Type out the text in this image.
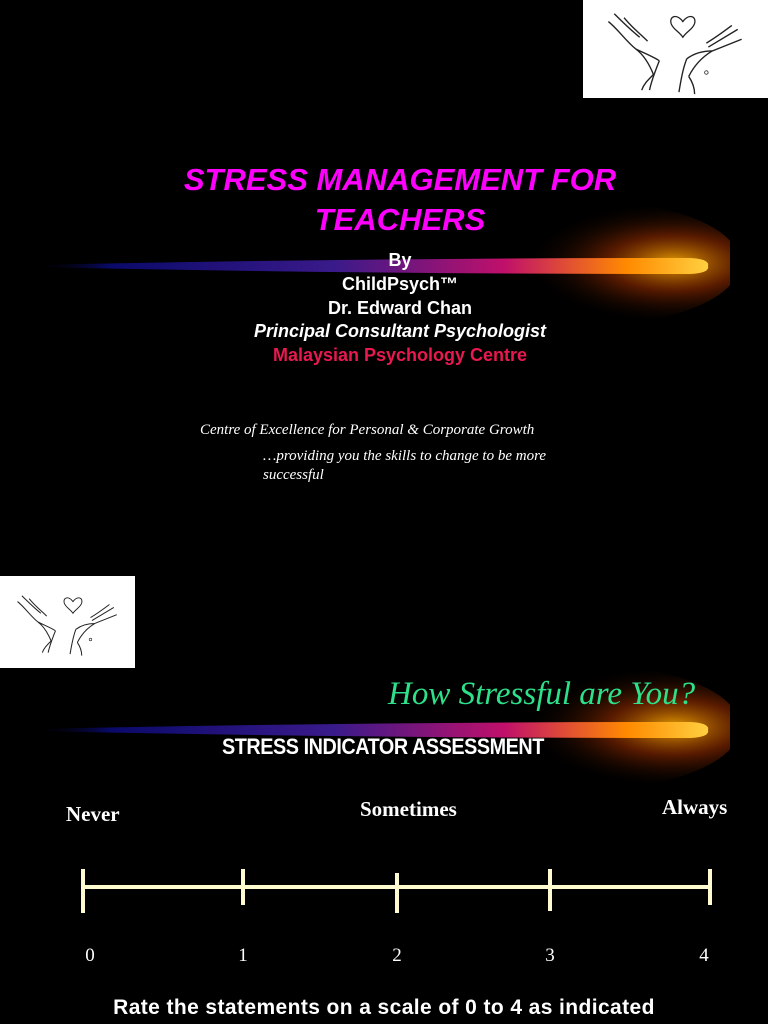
STRESS MANAGEMENT FOR TEACHERS
By
ChildPsych™
Dr. Edward Chan
Principal Consultant Psychologist
Malaysian Psychology Centre
Centre of Excellence for Personal & Corporate Growth
…providing you the skills to change to be more successful
How Stressful are You?
STRESS INDICATOR ASSESSMENT
Never	Sometimes	Always
0	1	2	3	4
Rate the statements on a scale of 0 to 4 as indicated
